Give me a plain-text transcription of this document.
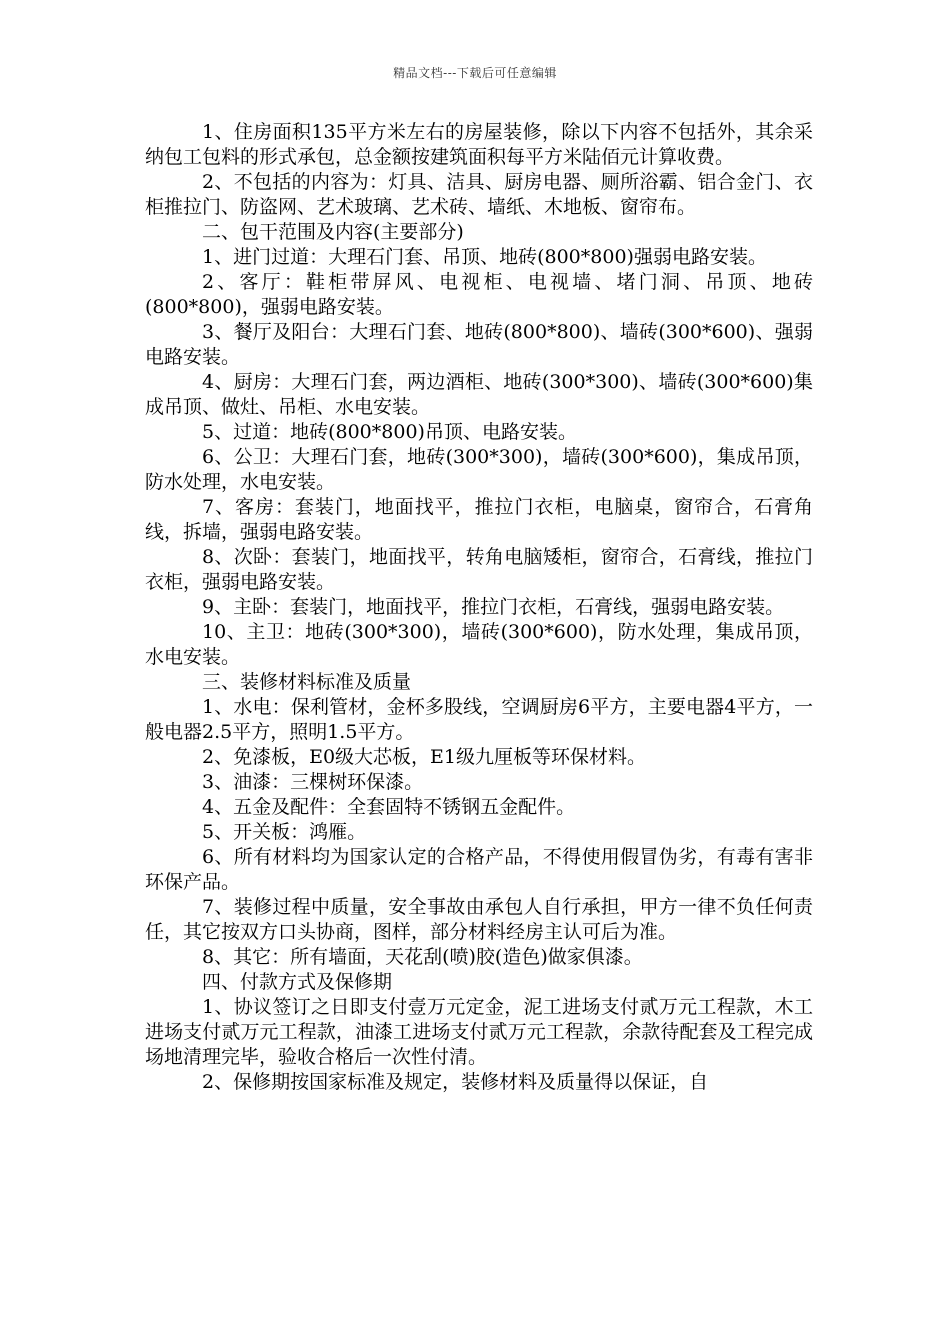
精品文档---下载后可任意编辑

1、住房面积135平方米左右的房屋装修，除以下内容不包括外，其余采纳包工包料的形式承包，总金额按建筑面积每平方米陆佰元计算收费。

2、不包括的内容为：灯具、洁具、厨房电器、厕所浴霸、铝合金门、衣柜推拉门、防盗网、艺术玻璃、艺术砖、墙纸、木地板、窗帘布。

二、包干范围及内容(主要部分)

1、进门过道：大理石门套、吊顶、地砖(800*800)强弱电路安装。

2、客厅：鞋柜带屏风、电视柜、电视墙、堵门洞、吊顶、地砖(800*800)，强弱电路安装。

3、餐厅及阳台：大理石门套、地砖(800*800)、墙砖(300*600)、强弱电路安装。

4、厨房：大理石门套，两边酒柜、地砖(300*300)、墙砖(300*600)集成吊顶、做灶、吊柜、水电安装。

5、过道：地砖(800*800)吊顶、电路安装。

6、公卫：大理石门套，地砖(300*300)，墙砖(300*600)，集成吊顶，防水处理，水电安装。

7、客房：套装门，地面找平，推拉门衣柜，电脑桌，窗帘合，石膏角线，拆墙，强弱电路安装。

8、次卧：套装门，地面找平，转角电脑矮柜，窗帘合，石膏线，推拉门衣柜，强弱电路安装。

9、主卧：套装门，地面找平，推拉门衣柜，石膏线，强弱电路安装。

10、主卫：地砖(300*300)，墙砖(300*600)，防水处理，集成吊顶，水电安装。

三、装修材料标准及质量

1、水电：保利管材，金杯多股线，空调厨房6平方，主要电器4平方，一般电器2.5平方，照明1.5平方。

2、免漆板，E0级大芯板，E1级九厘板等环保材料。

3、油漆：三棵树环保漆。

4、五金及配件：全套固特不锈钢五金配件。

5、开关板：鸿雁。

6、所有材料均为国家认定的合格产品，不得使用假冒伪劣，有毒有害非环保产品。

7、装修过程中质量，安全事故由承包人自行承担，甲方一律不负任何责任，其它按双方口头协商，图样，部分材料经房主认可后为准。

8、其它：所有墙面，天花刮(喷)胶(造色)做家俱漆。

四、付款方式及保修期

1、协议签订之日即支付壹万元定金，泥工进场支付贰万元工程款，木工进场支付贰万元工程款，油漆工进场支付贰万元工程款，余款待配套及工程完成场地清理完毕，验收合格后一次性付清。

2、保修期按国家标准及规定，装修材料及质量得以保证，自
